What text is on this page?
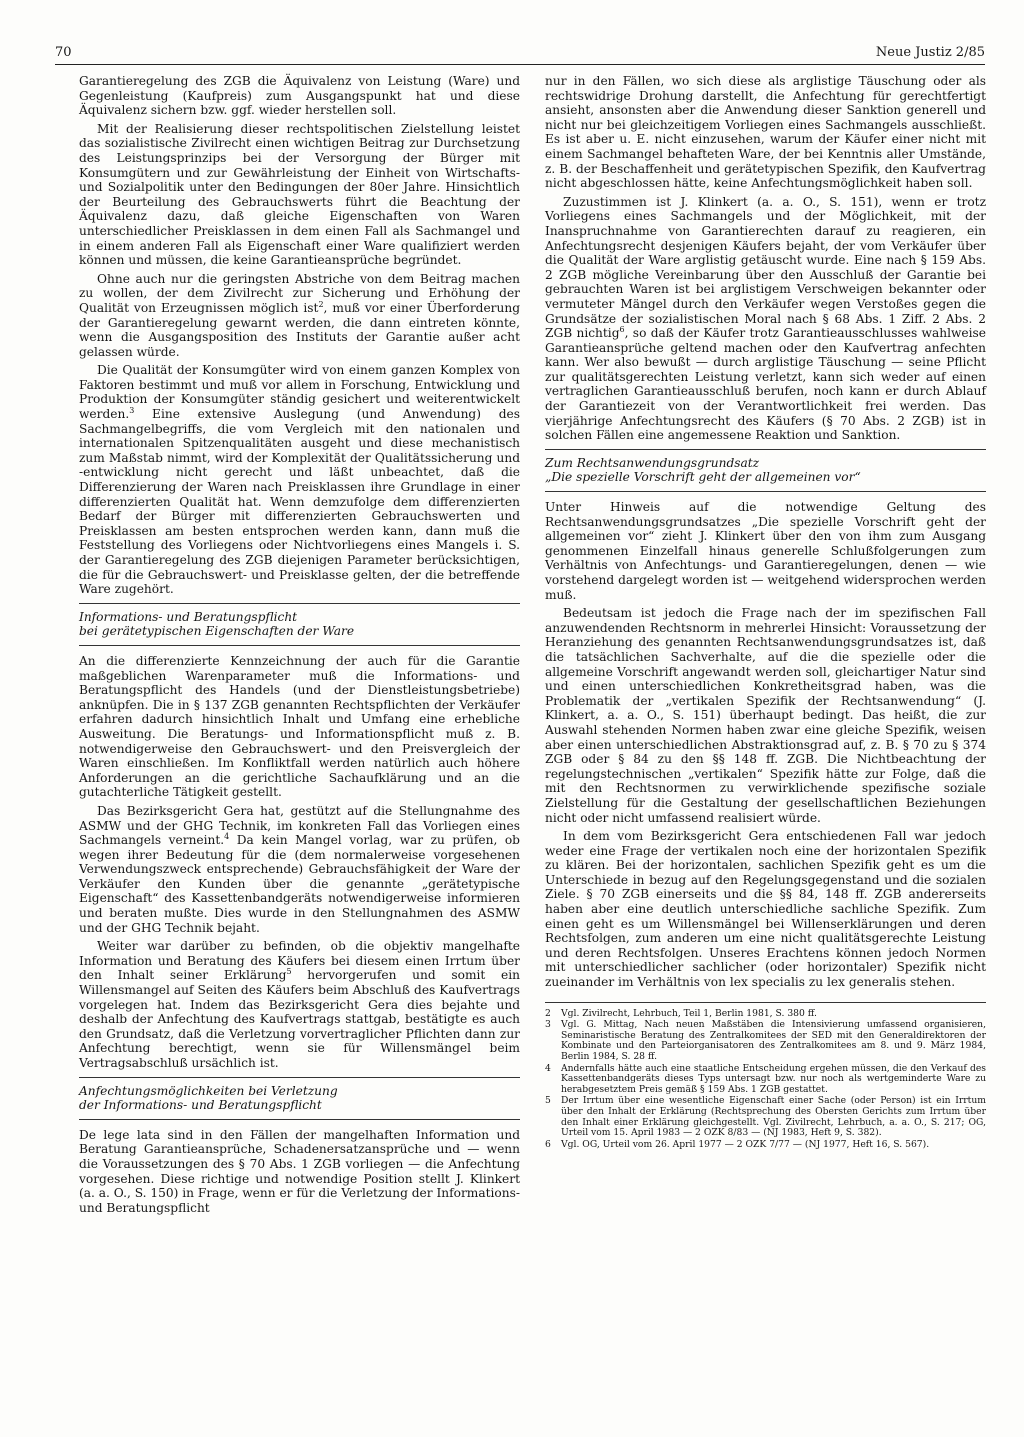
70	Neue Justiz 2/85

Garantieregelung des ZGB die Äquivalenz von Leistung (Ware) und Gegenleistung (Kaufpreis) zum Ausgangspunkt hat und diese Äquivalenz sichern bzw. ggf. wieder herstellen soll.

Mit der Realisierung dieser rechtspolitischen Zielstellung leistet das sozialistische Zivilrecht einen wichtigen Beitrag zur Durchsetzung des Leistungsprinzips bei der Versorgung der Bürger mit Konsumgütern und zur Gewährleistung der Einheit von Wirtschafts- und Sozialpolitik unter den Bedingungen der 80er Jahre. Hinsichtlich der Beurteilung des Gebrauchswerts führt die Beachtung der Äquivalenz dazu, daß gleiche Eigenschaften von Waren unterschiedlicher Preisklassen in dem einen Fall als Sachmangel und in einem anderen Fall als Eigenschaft einer Ware qualifiziert werden können und müssen, die keine Garantieansprüche begründet.

Ohne auch nur die geringsten Abstriche von dem Beitrag machen zu wollen, der dem Zivilrecht zur Sicherung und Erhöhung der Qualität von Erzeugnissen möglich ist$^2$, muß vor einer Überforderung der Garantieregelung gewarnt werden, die dann eintreten könnte, wenn die Ausgangsposition des Instituts der Garantie außer acht gelassen würde.

Die Qualität der Konsumgüter wird von einem ganzen Komplex von Faktoren bestimmt und muß vor allem in Forschung, Entwicklung und Produktion der Konsumgüter ständig gesichert und weiterentwickelt werden.$^3$ Eine extensive Auslegung (und Anwendung) des Sachmangelbegriffs, die vom Vergleich mit den nationalen und internationalen Spitzenqualitäten ausgeht und diese mechanistisch zum Maßstab nimmt, wird der Komplexität der Qualitätssicherung und -entwicklung nicht gerecht und läßt unbeachtet, daß die Differenzierung der Waren nach Preisklassen ihre Grundlage in einer differenzierten Qualität hat. Wenn demzufolge dem differenzierten Bedarf der Bürger mit differenzierten Gebrauchswerten und Preisklassen am besten entsprochen werden kann, dann muß die Feststellung des Vorliegens oder Nichtvorliegens eines Mangels i. S. der Garantieregelung des ZGB diejenigen Parameter berücksichtigen, die für die Gebrauchswert- und Preisklasse gelten, der die betreffende Ware zugehört.

Informations- und Beratungspflicht
bei gerätetypischen Eigenschaften der Ware

An die differenzierte Kennzeichnung der auch für die Garantie maßgeblichen Warenparameter muß die Informations- und Beratungspflicht des Handels (und der Dienstleistungsbetriebe) anknüpfen. Die in § 137 ZGB genannten Rechtspflichten der Verkäufer erfahren dadurch hinsichtlich Inhalt und Umfang eine erhebliche Ausweitung. Die Beratungs- und Informationspflicht muß z. B. notwendigerweise den Gebrauchswert- und den Preisvergleich der Waren einschließen. Im Konfliktfall werden natürlich auch höhere Anforderungen an die gerichtliche Sachaufklärung und an die gutachterliche Tätigkeit gestellt.

Das Bezirksgericht Gera hat, gestützt auf die Stellungnahme des ASMW und der GHG Technik, im konkreten Fall das Vorliegen eines Sachmangels verneint.$^4$ Da kein Mangel vorlag, war zu prüfen, ob wegen ihrer Bedeutung für die (dem normalerweise vorgesehenen Verwendungszweck entsprechende) Gebrauchsfähigkeit der Ware der Verkäufer den Kunden über die genannte „gerätetypische Eigenschaft“ des Kassettenbandgeräts notwendigerweise informieren und beraten mußte. Dies wurde in den Stellungnahmen des ASMW und der GHG Technik bejaht.

Weiter war darüber zu befinden, ob die objektiv mangelhafte Information und Beratung des Käufers bei diesem einen Irrtum über den Inhalt seiner Erklärung$^5$ hervorgerufen und somit ein Willensmangel auf Seiten des Käufers beim Abschluß des Kaufvertrags vorgelegen hat. Indem das Bezirksgericht Gera dies bejahte und deshalb der Anfechtung des Kaufvertrags stattgab, bestätigte es auch den Grundsatz, daß die Verletzung vorvertraglicher Pflichten dann zur Anfechtung berechtigt, wenn sie für Willensmängel beim Vertragsabschluß ursächlich ist.

Anfechtungsmöglichkeiten bei Verletzung
der Informations- und Beratungspflicht

De lege lata sind in den Fällen der mangelhaften Information und Beratung Garantieansprüche, Schadenersatzansprüche und — wenn die Voraussetzungen des § 70 Abs. 1 ZGB vorliegen — die Anfechtung vorgesehen. Diese richtige und notwendige Position stellt J. Klinkert (a. a. O., S. 150) in Frage, wenn er für die Verletzung der Informations- und Beratungspflicht

nur in den Fällen, wo sich diese als arglistige Täuschung oder als rechtswidrige Drohung darstellt, die Anfechtung für gerechtfertigt ansieht, ansonsten aber die Anwendung dieser Sanktion generell und nicht nur bei gleichzeitigem Vorliegen eines Sachmangels ausschließt. Es ist aber u. E. nicht einzusehen, warum der Käufer einer nicht mit einem Sachmangel behafteten Ware, der bei Kenntnis aller Umstände, z. B. der Beschaffenheit und gerätetypischen Spezifik, den Kaufvertrag nicht abgeschlossen hätte, keine Anfechtungsmöglichkeit haben soll.

Zuzustimmen ist J. Klinkert (a. a. O., S. 151), wenn er trotz Vorliegens eines Sachmangels und der Möglichkeit, mit der Inanspruchnahme von Garantierechten darauf zu reagieren, ein Anfechtungsrecht desjenigen Käufers bejaht, der vom Verkäufer über die Qualität der Ware arglistig getäuscht wurde. Eine nach § 159 Abs. 2 ZGB mögliche Vereinbarung über den Ausschluß der Garantie bei gebrauchten Waren ist bei arglistigem Verschweigen bekannter oder vermuteter Mängel durch den Verkäufer wegen Verstoßes gegen die Grundsätze der sozialistischen Moral nach § 68 Abs. 1 Ziff. 2 Abs. 2 ZGB nichtig$^6$, so daß der Käufer trotz Garantieausschlusses wahlweise Garantieansprüche geltend machen oder den Kaufvertrag anfechten kann. Wer also bewußt — durch arglistige Täuschung — seine Pflicht zur qualitätsgerechten Leistung verletzt, kann sich weder auf einen vertraglichen Garantieausschluß berufen, noch kann er durch Ablauf der Garantiezeit von der Verantwortlichkeit frei werden. Das vierjährige Anfechtungsrecht des Käufers (§ 70 Abs. 2 ZGB) ist in solchen Fällen eine angemessene Reaktion und Sanktion.

Zum Rechtsanwendungsgrundsatz
„Die spezielle Vorschrift geht der allgemeinen vor“

Unter Hinweis auf die notwendige Geltung des Rechtsanwendungsgrundsatzes „Die spezielle Vorschrift geht der allgemeinen vor“ zieht J. Klinkert über den von ihm zum Ausgang genommenen Einzelfall hinaus generelle Schlußfolgerungen zum Verhältnis von Anfechtungs- und Garantieregelungen, denen — wie vorstehend dargelegt worden ist — weitgehend widersprochen werden muß.

Bedeutsam ist jedoch die Frage nach der im spezifischen Fall anzuwendenden Rechtsnorm in mehrerlei Hinsicht: Voraussetzung der Heranziehung des genannten Rechtsanwendungsgrundsatzes ist, daß die tatsächlichen Sachverhalte, auf die die spezielle oder die allgemeine Vorschrift angewandt werden soll, gleichartiger Natur sind und einen unterschiedlichen Konkretheitsgrad haben, was die Problematik der „vertikalen Spezifik der Rechtsanwendung“ (J. Klinkert, a. a. O., S. 151) überhaupt bedingt. Das heißt, die zur Auswahl stehenden Normen haben zwar eine gleiche Spezifik, weisen aber einen unterschiedlichen Abstraktionsgrad auf, z. B. § 70 zu § 374 ZGB oder § 84 zu den §§ 148 ff. ZGB. Die Nichtbeachtung der regelungstechnischen „vertikalen“ Spezifik hätte zur Folge, daß die mit den Rechtsnormen zu verwirklichende spezifische soziale Zielstellung für die Gestaltung der gesellschaftlichen Beziehungen nicht oder nicht umfassend realisiert würde.

In dem vom Bezirksgericht Gera entschiedenen Fall war jedoch weder eine Frage der vertikalen noch eine der horizontalen Spezifik zu klären. Bei der horizontalen, sachlichen Spezifik geht es um die Unterschiede in bezug auf den Regelungsgegenstand und die sozialen Ziele. § 70 ZGB einerseits und die §§ 84, 148 ff. ZGB andererseits haben aber eine deutlich unterschiedliche sachliche Spezifik. Zum einen geht es um Willensmängel bei Willenserklärungen und deren Rechtsfolgen, zum anderen um eine nicht qualitätsgerechte Leistung und deren Rechtsfolgen. Unseres Erachtens können jedoch Normen mit unterschiedlicher sachlicher (oder horizontaler) Spezifik nicht zueinander im Verhältnis von lex specialis zu lex generalis stehen.

2	Vgl. Zivilrecht, Lehrbuch, Teil 1, Berlin 1981, S. 380 ff.
3	Vgl. G. Mittag, Nach neuen Maßstäben die Intensivierung umfassend organisieren, Seminaristische Beratung des Zentralkomitees der SED mit den Generaldirektoren der Kombinate und den Parteiorganisatoren des Zentralkomitees am 8. und 9. März 1984, Berlin 1984, S. 28 ff.
4	Andernfalls hätte auch eine staatliche Entscheidung ergehen müssen, die den Verkauf des Kassettenbandgeräts dieses Typs untersagt bzw. nur noch als wertgeminderte Ware zu herabgesetztem Preis gemäß § 159 Abs. 1 ZGB gestattet.
5	Der Irrtum über eine wesentliche Eigenschaft einer Sache (oder Person) ist ein Irrtum über den Inhalt der Erklärung (Rechtsprechung des Obersten Gerichts zum Irrtum über den Inhalt einer Erklärung gleichgestellt. Vgl. Zivilrecht, Lehrbuch, a. a. O., S. 217; OG, Urteil vom 15. April 1983 — 2 OZK 8/83 — (NJ 1983, Heft 9, S. 382).
6	Vgl. OG, Urteil vom 26. April 1977 — 2 OZK 7/77 — (NJ 1977, Heft 16, S. 567).
